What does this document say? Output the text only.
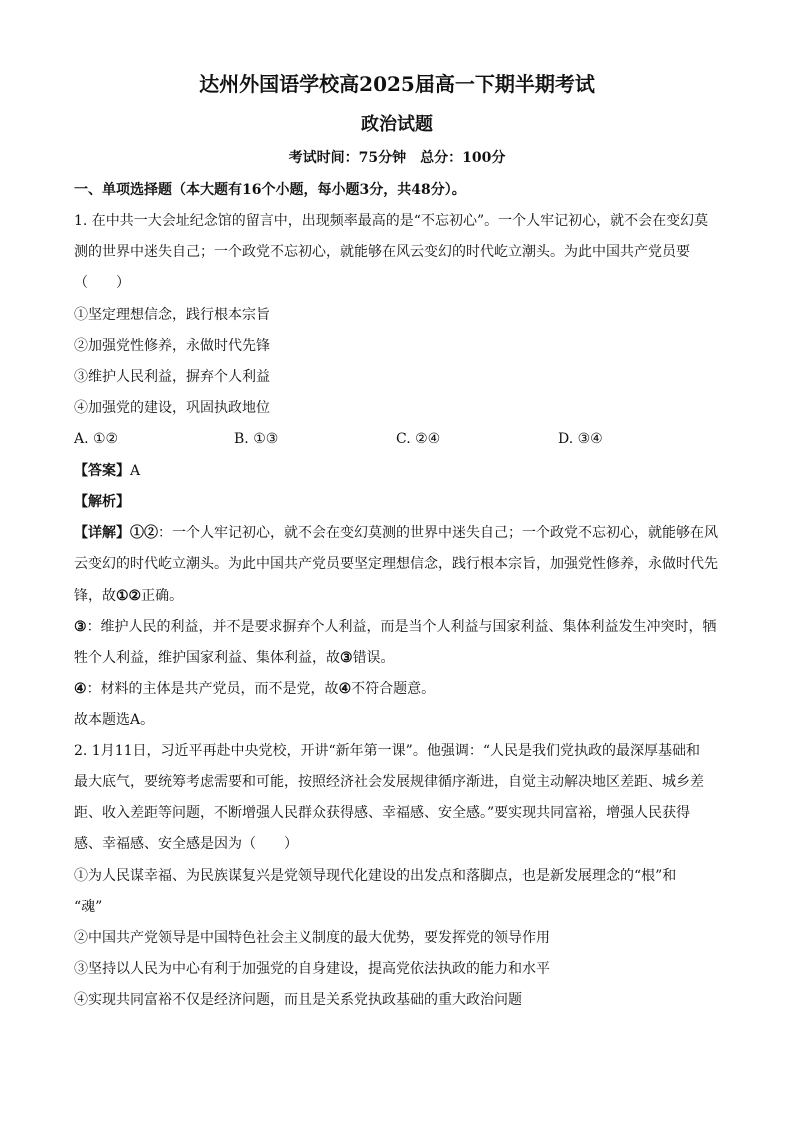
达州外国语学校高2025届高一下期半期考试
政治试题
考试时间：75分钟　总分：100分
一、单项选择题（本大题有16个小题，每小题3分，共48分）。
1. 在中共一大会址纪念馆的留言中，出现频率最高的是“不忘初心”。一个人牢记初心，就不会在变幻莫
测的世界中迷失自己；一个政党不忘初心，就能够在风云变幻的时代屹立潮头。为此中国共产党员要
（　　）
①坚定理想信念，践行根本宗旨
②加强党性修养，永做时代先锋
③维护人民利益，摒弃个人利益
④加强党的建设，巩固执政地位
A. ①②	B. ①③	C. ②④	D. ③④
【答案】A
【解析】
【详解】①②：一个人牢记初心，就不会在变幻莫测的世界中迷失自己；一个政党不忘初心，就能够在风
云变幻的时代屹立潮头。为此中国共产党员要坚定理想信念，践行根本宗旨，加强党性修养，永做时代先
锋，故①②正确。
③：维护人民的利益，并不是要求摒弃个人利益，而是当个人利益与国家利益、集体利益发生冲突时，牺
牲个人利益，维护国家利益、集体利益，故③错误。
④：材料的主体是共产党员，而不是党，故④不符合题意。
故本题选A。
2. 1月11日，习近平再赴中央党校，开讲“新年第一课”。他强调：“人民是我们党执政的最深厚基础和
最大底气，要统筹考虑需要和可能，按照经济社会发展规律循序渐进，自觉主动解决地区差距、城乡差
距、收入差距等问题，不断增强人民群众获得感、幸福感、安全感。”要实现共同富裕，增强人民获得
感、幸福感、安全感是因为（　　）
①为人民谋幸福、为民族谋复兴是党领导现代化建设的出发点和落脚点，也是新发展理念的“根”和
“魂”
②中国共产党领导是中国特色社会主义制度的最大优势，要发挥党的领导作用
③坚持以人民为中心有利于加强党的自身建设，提高党依法执政的能力和水平
④实现共同富裕不仅是经济问题，而且是关系党执政基础的重大政治问题
